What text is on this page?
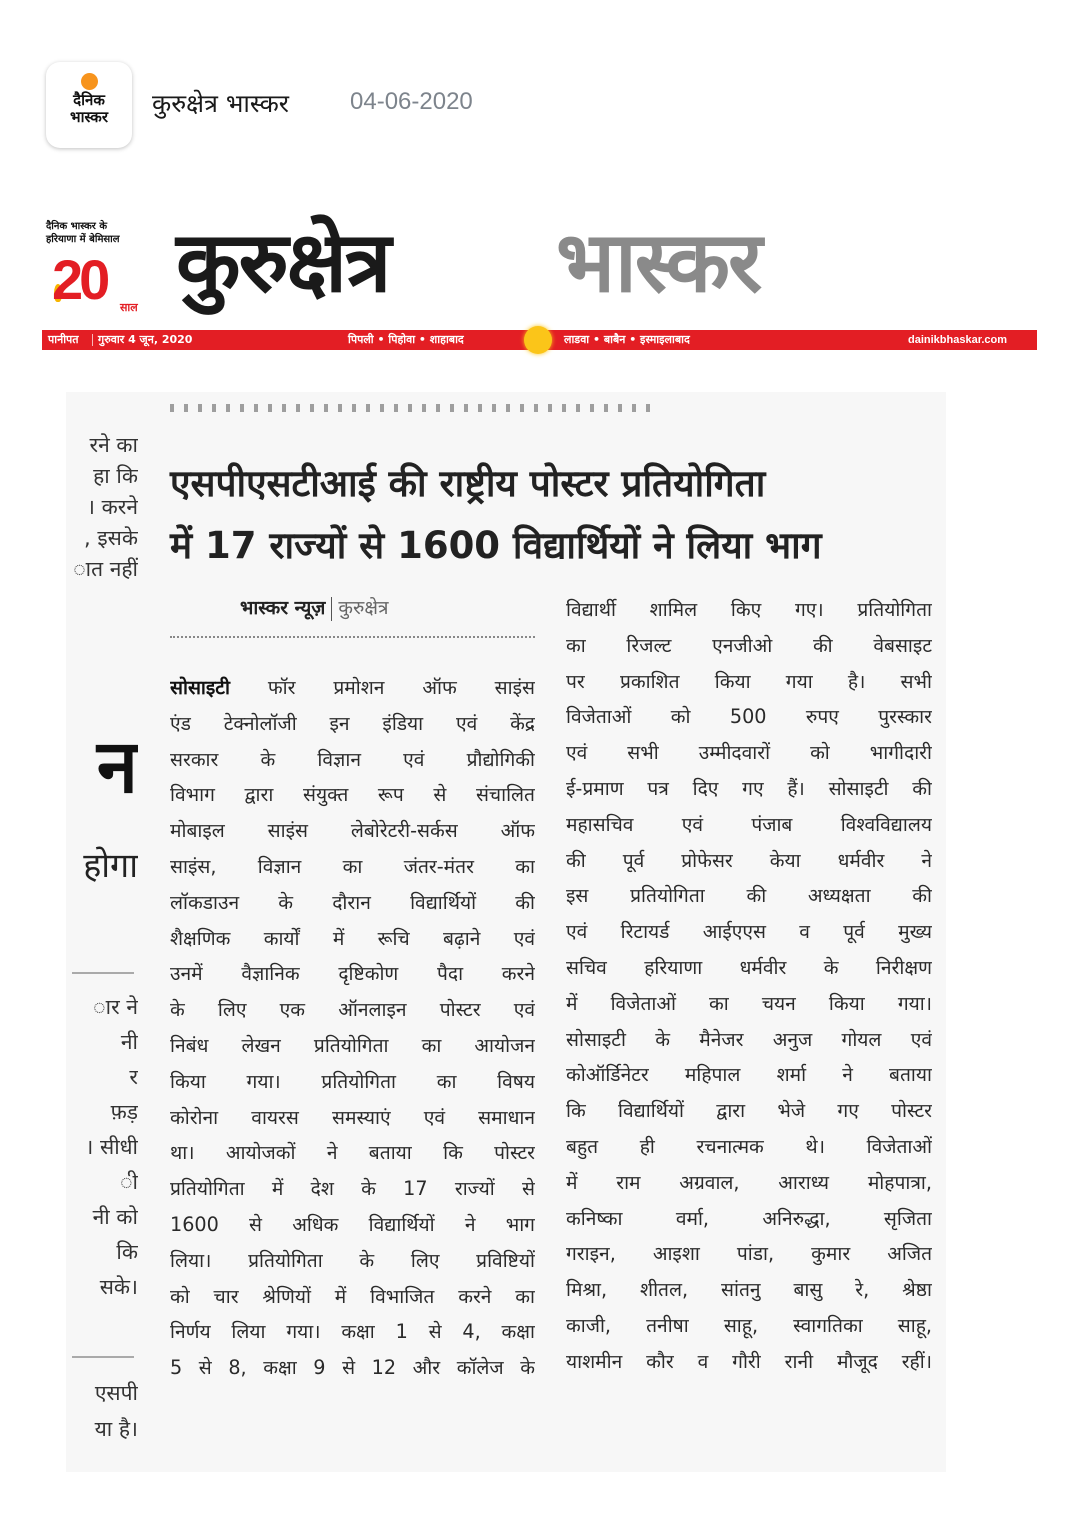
दैनिक
भास्कर	कुरुक्षेत्र भास्कर	04-06-2020
दैनिक भास्कर के
हरियाणा में बेमिसाल
20 साल कुरुक्षेत्र भास्कर
पानीपत गुरुवार 4 जून, 2020	पिपली • पिहोवा • शाहाबाद	लाडवा • बाबैन • इस्माइलाबाद	dainikbhaskar.com
रने का
हा कि
। करने
, इसके
ात नहीं
न
होगा
ार ने
नी
र
फ़ड़
। सीधी
ी
नी को
कि
सके।
एसपी
या है।
एसपीएसटीआई की राष्ट्रीय पोस्टर प्रतियोगिता
में 17 राज्यों से 1600 विद्यार्थियों ने लिया भाग
भास्कर न्यूज़ कुरुक्षेत्र
सोसाइटी फॉर प्रमोशन ऑफ साइंस
एंड टेक्नोलॉजी इन इंडिया एवं केंद्र
सरकार के विज्ञान एवं प्रौद्योगिकी
विभाग द्वारा संयुक्त रूप से संचालित
मोबाइल साइंस लेबोरेटरी-सर्कस ऑफ
साइंस, विज्ञान का जंतर-मंतर का
लॉकडाउन के दौरान विद्यार्थियों की
शैक्षणिक कार्यों में रूचि बढ़ाने एवं
उनमें वैज्ञानिक दृष्टिकोण पैदा करने
के लिए एक ऑनलाइन पोस्टर एवं
निबंध लेखन प्रतियोगिता का आयोजन
किया गया। प्रतियोगिता का विषय
कोरोना वायरस समस्याएं एवं समाधान
था। आयोजकों ने बताया कि पोस्टर
प्रतियोगिता में देश के 17 राज्यों से
1600 से अधिक विद्यार्थियों ने भाग
लिया। प्रतियोगिता के लिए प्रविष्टियों
को चार श्रेणियों में विभाजित करने का
निर्णय लिया गया। कक्षा 1 से 4, कक्षा
5 से 8, कक्षा 9 से 12 और कॉलेज के
विद्यार्थी शामिल किए गए। प्रतियोगिता
का रिजल्ट एनजीओ की वेबसाइट
पर प्रकाशित किया गया है। सभी
विजेताओं को 500 रुपए पुरस्कार
एवं सभी उम्मीदवारों को भागीदारी
ई-प्रमाण पत्र दिए गए हैं। सोसाइटी की
महासचिव एवं पंजाब विश्वविद्यालय
की पूर्व प्रोफेसर केया धर्मवीर ने
इस प्रतियोगिता की अध्यक्षता की
एवं रिटायर्ड आईएएस व पूर्व मुख्य
सचिव हरियाणा धर्मवीर के निरीक्षण
में विजेताओं का चयन किया गया।
सोसाइटी के मैनेजर अनुज गोयल एवं
कोऑर्डिनेटर महिपाल शर्मा ने बताया
कि विद्यार्थियों द्वारा भेजे गए पोस्टर
बहुत ही रचनात्मक थे। विजेताओं
में राम अग्रवाल, आराध्य मोहपात्रा,
कनिष्का वर्मा, अनिरुद्धा, सृजिता
गराइन, आइशा पांडा, कुमार अजित
मिश्रा, शीतल, सांतनु बासु रे, श्रेष्ठा
काजी, तनीषा साहू, स्वागतिका साहू,
याशमीन कौर व गौरी रानी मौजूद रहीं।
